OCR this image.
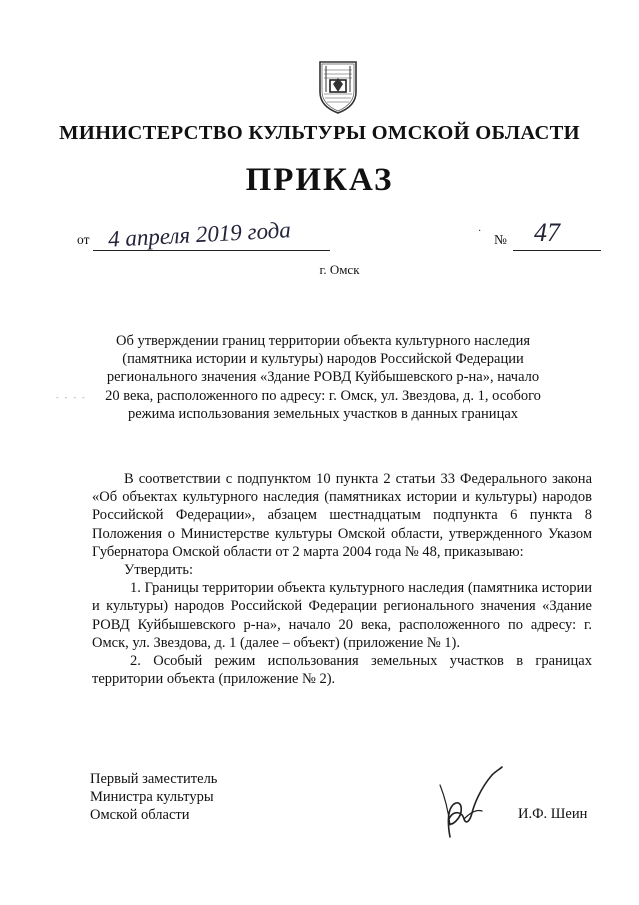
МИНИСТЕРСТВО КУЛЬТУРЫ ОМСКОЙ ОБЛАСТИ
ПРИКАЗ
от 4 апреля 2019 года	·
№ 47
г. Омск
- - - -
Об утверждении границ территории объекта культурного наследия (памятника истории и культуры) народов Российской Федерации регионального значения «Здание РОВД Куйбышевского р-на», начало 20 века, расположенного по адресу: г. Омск, ул. Звездова, д. 1, особого режима использования земельных участков в данных границах

В соответствии с подпунктом 10 пункта 2 статьи 33 Федерального закона «Об объектах культурного наследия (памятниках истории и культуры) народов Российской Федерации», абзацем шестнадцатым подпункта 6 пункта 8 Положения о Министерстве культуры Омской области, утвержденного Указом Губернатора Омской области от 2 марта 2004 года № 48, приказываю:

Утвердить:

1. Границы территории объекта культурного наследия (памятника истории и культуры) народов Российской Федерации регионального значения «Здание РОВД Куйбышевского р-на», начало 20 века, расположенного по адресу: г. Омск, ул. Звездова, д. 1 (далее – объект) (приложение № 1).

2. Особый режим использования земельных участков в границах территории объекта (приложение № 2).

Первый заместитель
Министра культуры
Омской области	И.Ф. Шеин
